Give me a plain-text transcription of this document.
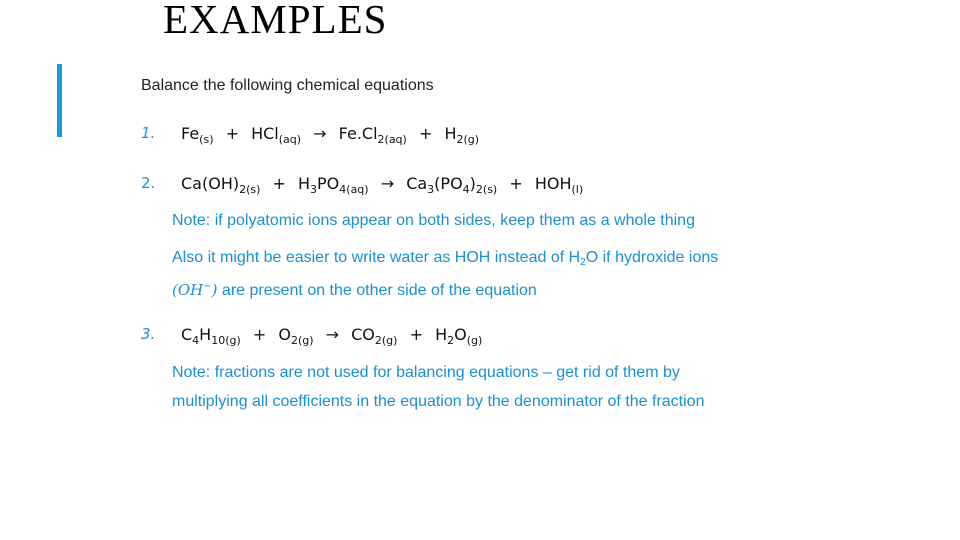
EXAMPLES
Balance the following chemical equations
1. $Fe_{(s)} + HCl_{(aq)} \to Fe.Cl_{2(aq)} + H_{2(g)}$
2. $Ca(OH)_{2(s)} + H_3PO_{4(aq)} \to Ca_3(PO_4)_{2(s)} + HOH_{(l)}$
Note: if polyatomic ions appear on both sides, keep them as a whole thing
Also it might be easier to write water as HOH instead of $H_2O$ if hydroxide ions
(OH−) are present on the other side of the equation
3. $C_4H_{10(g)} + O_{2(g)} \to CO_{2(g)} + H_2O_{(g)}$
Note: fractions are not used for balancing equations – get rid of them by
multiplying all coefficients in the equation by the denominator of the fraction
